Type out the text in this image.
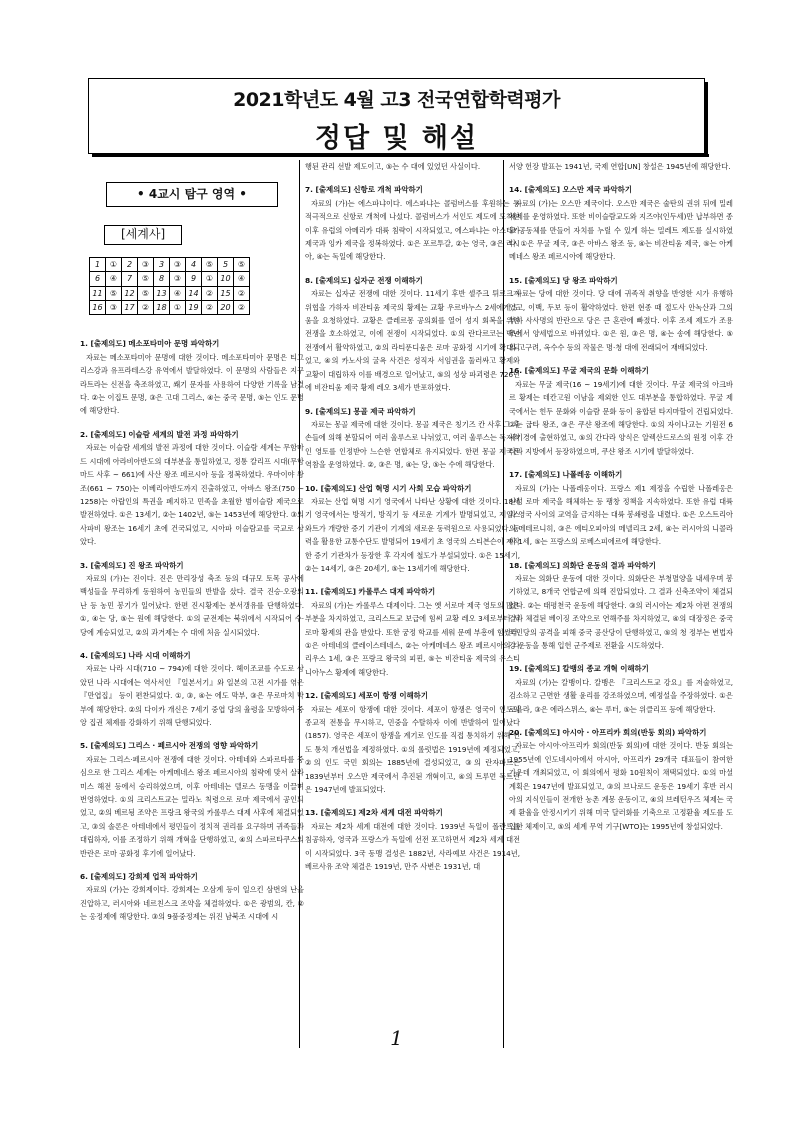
2021학년도 4월 고3 전국연합학력평가
정답 및 해설
• 4교시 탐구 영역 •
[세계사]
1	①	2	③	3	③	4	⑤	5	⑤
6	④	7	⑤	8	③	9	①	10	④
11	⑤	12	⑤	13	④	14	②	15	②
16	③	17	②	18	①	19	②	20	②
1. [출제의도] 메소포타미아 문명 파악하기
자료는 메소포타미아 문명에 대한 것이다. 메소포타미아 문명은 티그리스강과 유프라테스강 유역에서 발달하였다. 이 문명의 사람들은 지구라트라는 신전을 축조하였고, 쐐기 문자를 사용하여 다양한 기록을 남겼다. ②는 이집트 문명, ③은 고대 그리스, ④는 중국 문명, ⑤는 인도 문명에 해당한다.
2. [출제의도] 이슬람 세계의 발전 과정 파악하기
자료는 이슬람 세계의 발전 과정에 대한 것이다. 이슬람 세계는 무함마드 시대에 아라비아반도의 대부분을 통일하였고, 정통 칼리프 시대(무함마드 사후 ~ 661)에 사산 왕조 페르시아 등을 정복하였다. 우마이야 왕조(661 ~ 750)는 이베리아반도까지 진출하였고, 아바스 왕조(750 ~ 1258)는 아랍인의 특권을 폐지하고 민족을 초월한 범이슬람 제국으로 발전하였다. ①은 13세기, ②는 1402년, ⑤는 1453년에 해당한다. ③의 사파비 왕조는 16세기 초에 건국되었고, 시아파 이슬람교를 국교로 삼았다.
3. [출제의도] 진 왕조 파악하기
자료의 (가)는 진이다. 진은 만리장성 축조 등의 대규모 토목 공사에 백성들을 무리하게 동원하여 농민들의 반발을 샀다. 결국 진승·오광의 난 등 농민 봉기가 일어났다. 한편 진시황제는 분서갱유를 단행하였다. ①, ④는 당, ⑤는 원에 해당한다. ①의 균전제는 북위에서 시작되어 수·당에 계승되었고, ②의 과거제는 수 대에 처음 실시되었다.
4. [출제의도] 나라 시대 이해하기
자료는 나라 시대(710 ~ 794)에 대한 것이다. 헤이조쿄를 수도로 삼았던 나라 시대에는 역사서인 『일본서기』와 일본의 고전 시가를 엮은 『만엽집』 등이 편찬되었다. ①, ③, ④는 에도 막부, ③은 무로마치 막부에 해당한다. ②의 다이카 개신은 7세기 중엽 당의 율령을 모방하여 중앙 집권 체제를 강화하기 위해 단행되었다.
5. [출제의도] 그리스 · 페르시아 전쟁의 영향 파악하기
자료는 그리스·페르시아 전쟁에 대한 것이다. 아테네와 스파르타를 중심으로 한 그리스 세계는 아케메네스 왕조 페르시아의 침략에 맞서 살라미스 해전 등에서 승리하였으며, 이후 아테네는 델로스 동맹을 이끌며 번영하였다. ①의 크리스트교는 밀라노 칙령으로 로마 제국에서 공인되었고, ②의 베르됭 조약은 프랑크 왕국의 카롤루스 대제 사후에 체결되었고, ③의 솔론은 아테네에서 평민들이 정치적 권리를 요구하며 귀족들과 대립하자, 이를 조정하기 위해 개혁을 단행하였고, ④의 스파르타쿠스의 반란은 로마 공화정 후기에 일어났다.
6. [출제의도] 강희제 업적 파악하기
자료의 (가)는 강희제이다. 강희제는 오삼계 등이 일으킨 삼번의 난을 진압하고, 러시아와 네르친스크 조약을 체결하였다. ①은 광범의, 칸, ②는 옹정제에 해당한다. ③의 9품중정제는 위진 남북조 시대에 시
행된 관리 선발 제도이고, ⑤는 수 대에 있었던 사실이다.
7. [출제의도] 신항로 개척 파악하기
자료의 (가)는 에스파냐이다. 에스파냐는 콜럼버스를 후원하는 등 적극적으로 신항로 개척에 나섰다. 콜럼버스가 서인도 제도에 도착한 이후 유럽의 아메리카 대륙 침략이 시작되었고, 에스파냐는 아스테카 제국과 잉카 제국을 정복하였다. ①은 포르투갈, ②는 영국, ③은 러시아, ④는 독일에 해당한다.
8. [출제의도] 십자군 전쟁 이해하기
자료는 십자군 전쟁에 대한 것이다. 11세기 후반 셀주크 튀르크가 위협을 가하자 비잔티움 제국의 황제는 교황 우르바누스 2세에게 도움을 요청하였다. 교황은 클레르몽 공의회를 열어 성지 회복을 위한 전쟁을 호소하였고, 이에 전쟁이 시작되었다. ①의 란다르코는 백년 전쟁에서 활약하였고, ②의 라티푼디움은 로마 공화정 시기에 확대되었고, ④의 카노사의 굴욕 사건은 성직자 서임권을 둘러싸고 황제와 교황이 대립하자 이를 배경으로 일어났고, ⑤의 성상 파괴령은 726년에 비잔티움 제국 황제 레오 3세가 반포하였다.
9. [출제의도] 몽골 제국 파악하기
자료는 몽골 제국에 대한 것이다. 몽골 제국은 칭기즈 칸 사후 그 후손들에 의해 분할되어 여러 울루스로 나뉘었고, 여러 울루스는 독자적인 영토를 인정받아 느슨한 연합체로 유지되었다. 한편 몽골 제국은 역참을 운영하였다. ②, ③은 명, ④는 당, ⑤는 수에 해당한다.
10. [출제의도] 산업 혁명 시기 사회 모습 파악하기
자료는 산업 혁명 시기 영국에서 나타난 상황에 대한 것이다. 18세기 영국에서는 방적기, 방직기 등 새로운 기계가 발명되었고, 제임스 와트가 개량한 증기 기관이 기계의 새로운 동력원으로 사용되었다. 동력을 활용한 교통수단도 발명되어 19세기 초 영국의 스티븐슨이 제작한 증기 기관차가 등장한 후 각지에 철도가 부설되었다. ①은 15세기, ②는 14세기, ③은 20세기, ⑤는 13세기에 해당한다.
11. [출제의도] 카롤루스 대제 파악하기
자료의 (가)는 카롤루스 대제이다. 그는 옛 서로마 제국 영토의 많은 부분을 차지하였고, 크리스트교 보급에 힘써 교황 레오 3세로부터 서로마 황제의 관을 받았다. 또한 궁정 학교를 세워 문예 부흥에 힘썼다. ①은 아테네의 클레이스테네스, ②는 아케메네스 왕조 페르시아의 다리우스 1세, ③은 프랑크 왕국의 피핀, ⑤는 비잔티움 제국의 유스티니아누스 황제에 해당한다.
12. [출제의도] 세포이 항쟁 이해하기
자료는 세포이 항쟁에 대한 것이다. 세포이 항쟁은 영국이 인도의 종교적 전통을 무시하고, 민중을 수탈하자 이에 반발하여 일어났다(1857). 영국은 세포이 항쟁을 계기로 인도를 직접 통치하기 위해 인도 통치 개선법을 제정하였다. ①의 롤럿법은 1919년에 제정되었고, ②의 인도 국민 회의는 1885년에 결성되었고, ③의 란자파트는 1839년부터 오스만 제국에서 추진된 개혁이고, ④의 트루먼 독트린은 1947년에 발표되었다.
13. [출제의도] 제2차 세계 대전 파악하기
자료는 제2차 세계 대전에 대한 것이다. 1939년 독일이 폴란드를 침공하자, 영국과 프랑스가 독일에 선전 포고하면서 제2차 세계 대전이 시작되었다. 3국 동맹 결성은 1882년, 사라예보 사건은 1914년, 베르사유 조약 체결은 1919년, 만주 사변은 1931년, 대
서양 헌장 발표는 1941년, 국제 연합[UN] 창설은 1945년에 해당한다.
14. [출제의도] 오스만 제국 파악하기
자료의 (가)는 오스만 제국이다. 오스만 제국은 술탄의 권위 뒤에 밀레 체제를 운영하였다. 또한 비이슬람교도와 지즈야(인두세)만 납부하면 종교 공동체를 만들어 자치를 누릴 수 있게 하는 밀레트 제도를 실시하였다. ①은 무굴 제국, ③은 아바스 왕조 등, ④는 비잔티움 제국, ⑤는 아케메네스 왕조 페르시아에 해당한다.
15. [출제의도] 당 왕조 파악하기
자료는 당에 대한 것이다. 당 대에 귀족적 취향을 반영한 시가 유행하였고, 이백, 두보 등이 활약하였다. 한편 현종 때 절도사 안녹산과 그의 부하 사사명의 반란으로 당은 큰 혼란에 빠졌다. 이후 조세 제도가 조용조에서 양세법으로 바뀌었다. ①은 원, ③은 명, ④는 송에 해당한다. ⑤의 고구려, 옥수수 등의 작물은 명·청 대에 전래되어 재배되었다.
16. [출제의도] 무굴 제국의 문화 이해하기
자료는 무굴 제국(16 ~ 19세기)에 대한 것이다. 무굴 제국의 아크바르 황제는 데칸고원 이남을 제외한 인도 대부분을 통합하였다. 무굴 제국에서는 힌두 문화와 이슬람 문화 등이 융합된 타지마할이 건립되었다. ②는 굽타 왕조, ③은 쿠샨 왕조에 해당한다. ①의 자이나교는 기원전 6세기경에 출현하였고, ⑤의 간다라 양식은 알렉산드로스의 원정 이후 간다라 지방에서 등장하였으며, 쿠샨 왕조 시기에 발달하였다.
17. [출제의도] 나폴레옹 이해하기
자료의 (가)는 나폴레옹이다. 프랑스 제1 제정을 수립한 나폴레옹은 신성 로마 제국을 해체하는 등 팽창 정책을 지속하였다. 또한 유럽 대륙과 영국 사이의 교역을 금지하는 대륙 봉쇄령을 내렸다. ①은 오스트리아의 메테르니히, ③은 에티오피아의 메넬리크 2세, ④는 러시아의 니콜라이 1세, ⑤는 프랑스의 로베스피에르에 해당한다.
18. [출제의도] 의화단 운동의 결과 파악하기
자료는 의화단 운동에 대한 것이다. 의화단은 부청멸양을 내세우며 봉기하였고, 8개국 연합군에 의해 진압되었다. 그 결과 신축조약이 체결되었다. ②는 태평천국 운동에 해당한다. ③의 러시아는 제2차 아편 전쟁의 결과 체결된 베이징 조약으로 연해주를 차지하였고, ④의 대장정은 중국 국민당의 공격을 피해 중국 공산당이 단행하였고, ⑤의 청 정부는 변법자강 운동을 통해 입헌 군주제로 전환을 시도하였다.
19. [출제의도] 칼뱅의 종교 개혁 이해하기
자료의 (가)는 칼뱅이다. 칼뱅은 『크리스트교 강요』를 저술하였고, 검소하고 근면한 생활 윤리를 강조하였으며, 예정설을 주장하였다. ①은 로욜라, ③은 에라스뮈스, ④는 루터, ⑤는 위클리프 등에 해당한다.
20. [출제의도] 아시아 · 아프리카 회의(반둥 회의) 파악하기
자료는 아시아·아프리카 회의(반둥 회의)에 대한 것이다. 반둥 회의는 1955년에 인도네시아에서 아시아, 아프리카 29개국 대표들이 참여한 가운데 개최되었고, 이 회의에서 평화 10원칙이 채택되었다. ①의 마셜 계획은 1947년에 발표되었고, ③의 브나로드 운동은 19세기 후반 러시아의 지식인들이 전개한 농촌 계몽 운동이고, ④의 브레턴우즈 체제는 국제 환율을 안정시키기 위해 미국 달러화를 기축으로 고정환율 제도를 도입한 체제이고, ⑤의 세계 무역 기구[WTO]는 1995년에 창설되었다.
1
